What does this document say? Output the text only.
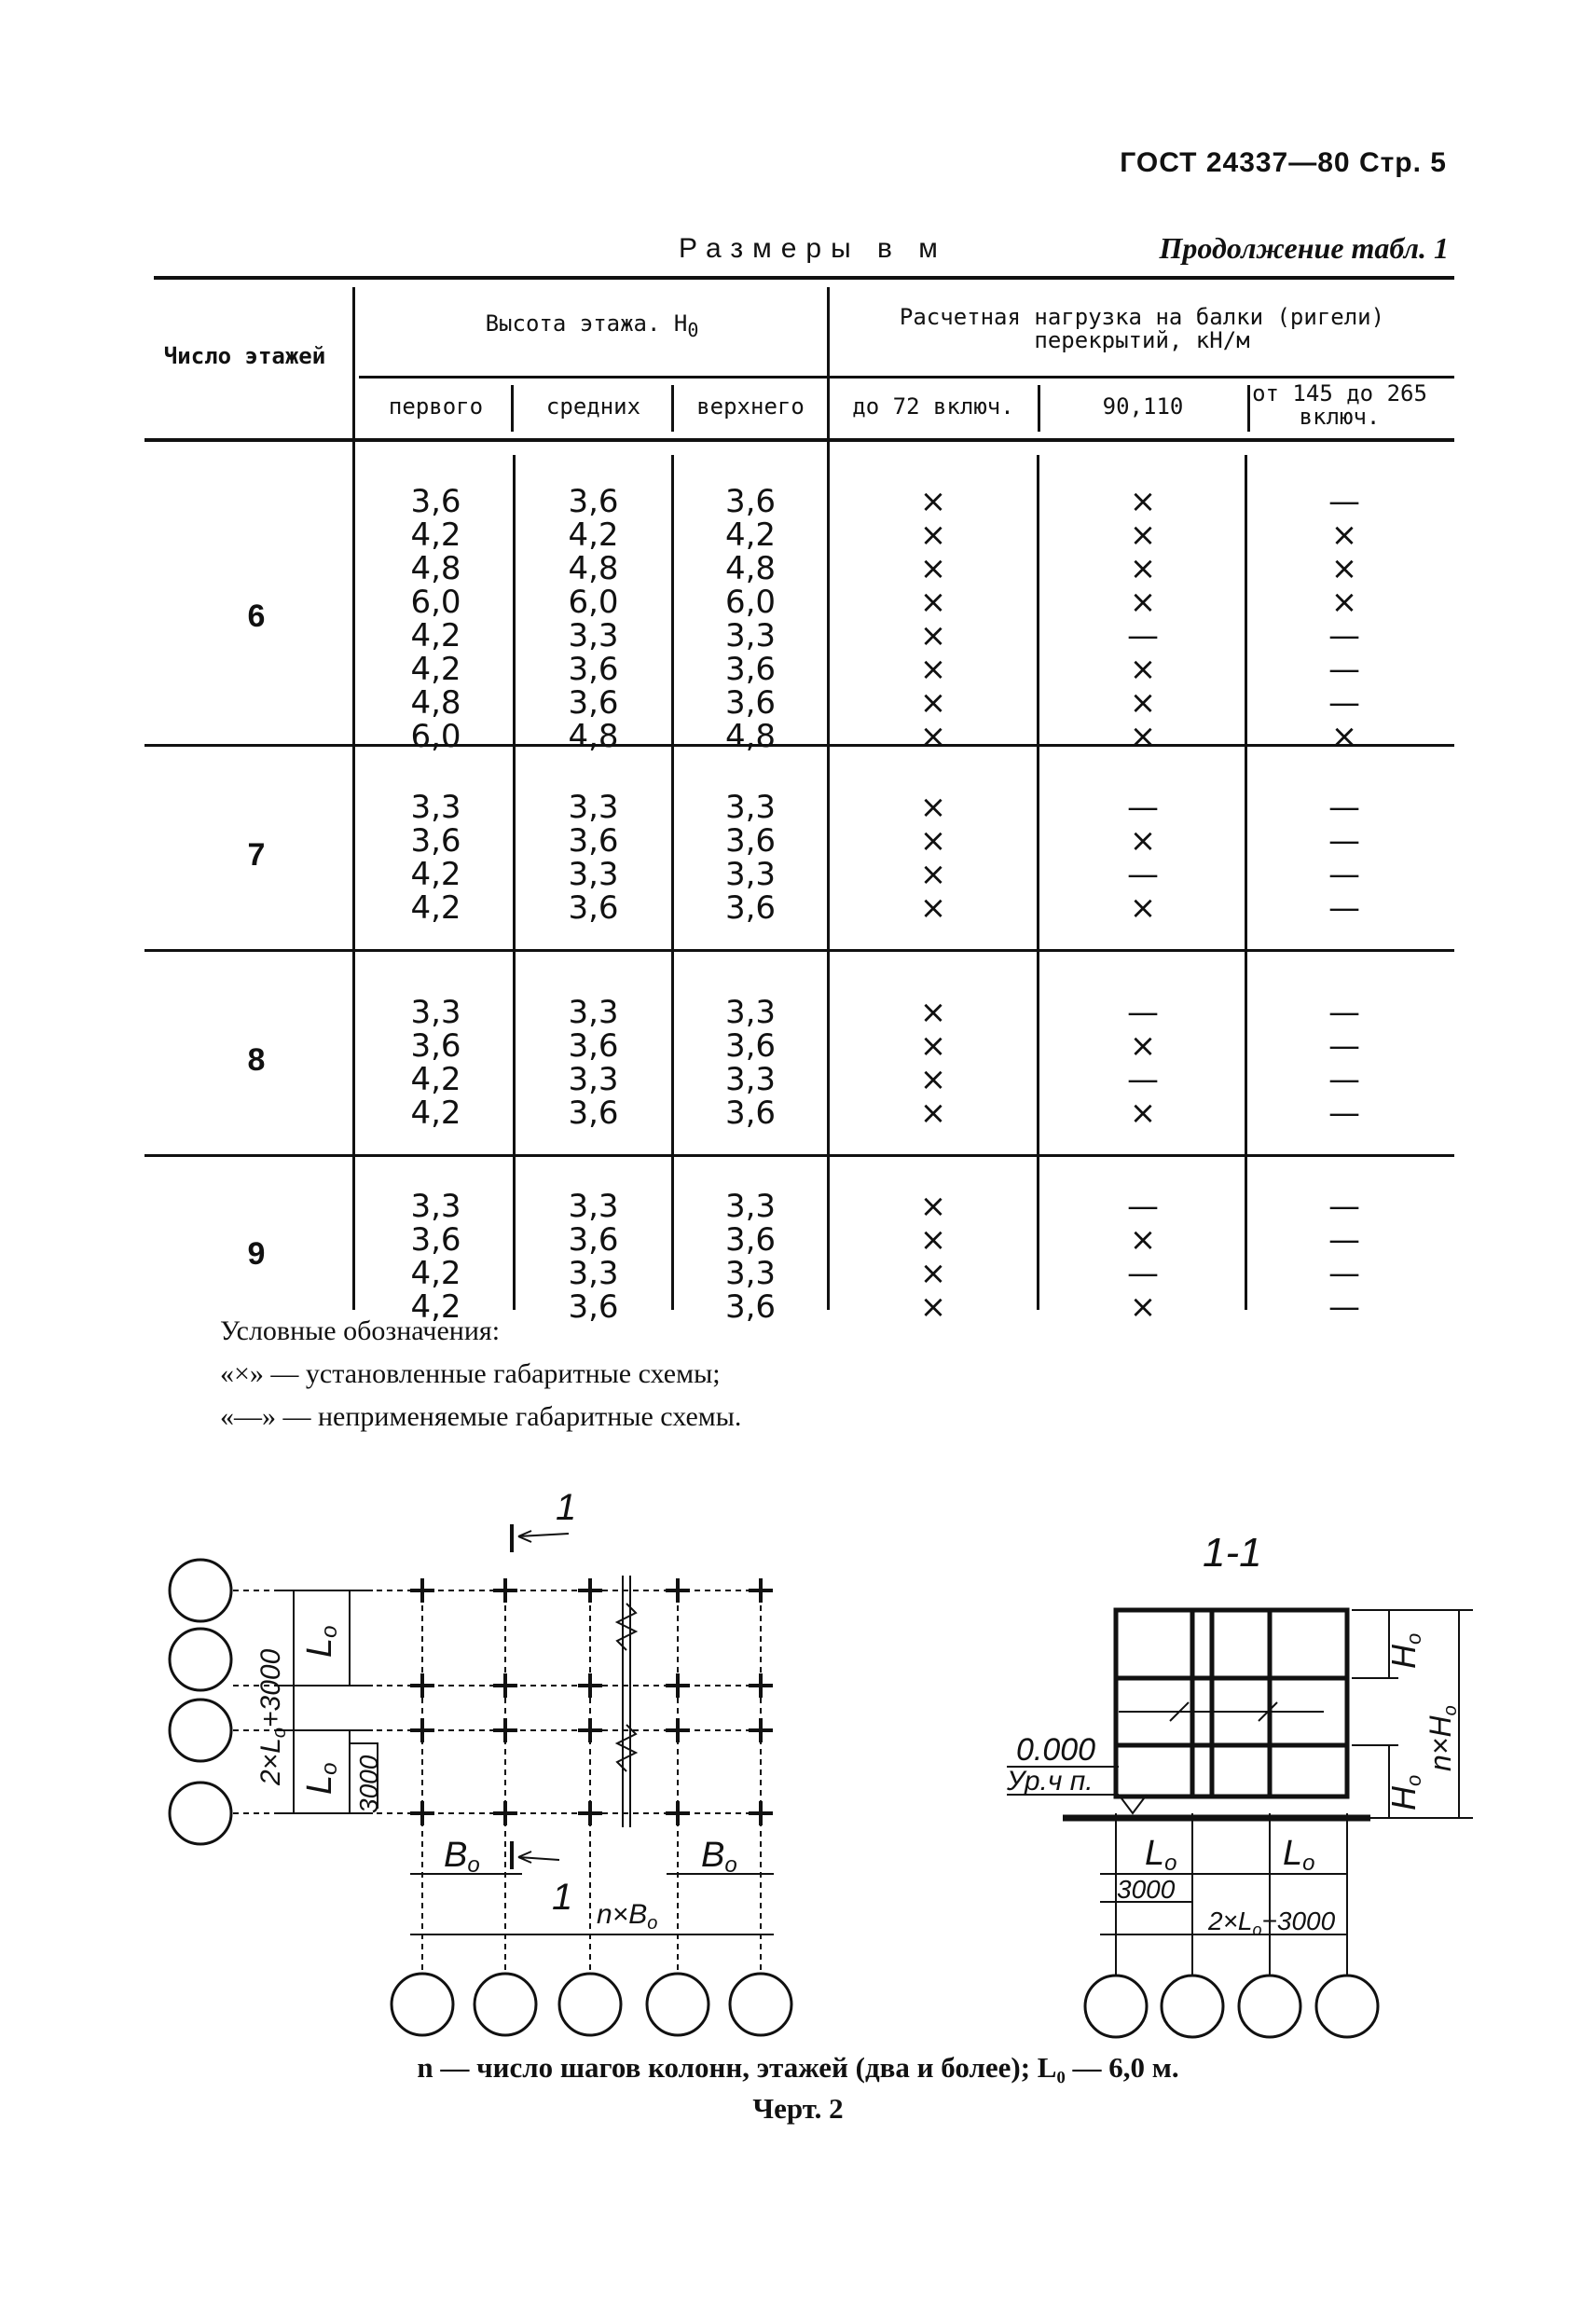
ГОСТ 24337—80 Стр. 5
Размеры в м	Продолжение табл. 1
Число этажей
Высота этажа. $H_0$	Расчетная нагрузка на балки (ригели) перекрытий, кН/м
первого	средних	верхнего	до 72 включ.	90,110	от 145 до 265 включ.
6
3,6	3,6	3,6	×	×	—
4,2	4,2	4,2	×	×	×
4,8	4,8	4,8	×	×	×
6,0	6,0	6,0	×	×	×
4,2	3,3	3,3	×	—	—
4,2	3,6	3,6	×	×	—
4,8	3,6	3,6	×	×	—
6,0	4,8	4,8	×	×	×
7
3,3	3,3	3,3	×	—	—
3,6	3,6	3,6	×	×	—
4,2	3,3	3,3	×	—	—
4,2	3,6	3,6	×	×	—
8
3,3	3,3	3,3	×	—	—
3,6	3,6	3,6	×	×	—
4,2	3,3	3,3	×	—	—
4,2	3,6	3,6	×	×	—
9
3,3	3,3	3,3	×	—	—
3,6	3,6	3,6	×	×	—
4,2	3,3	3,3	×	—	—
4,2	3,6	3,6	×	×	—
Условные обозначения:
«×» — установленные габаритные схемы;
«—» — неприменяемые габаритные схемы.
1
1
Lo
Lo
$2\times L_o+3000$
3000
Bo	Bo
$n\times B_o$
1-1
Ho
Ho
n×Ho
0.000
Ур.ч п.
Lo	Lo
3000
$2\times L_o+3000$
n — число шагов колонн, этажей (два и более); L₀ — 6,0 м.
Черт. 2
